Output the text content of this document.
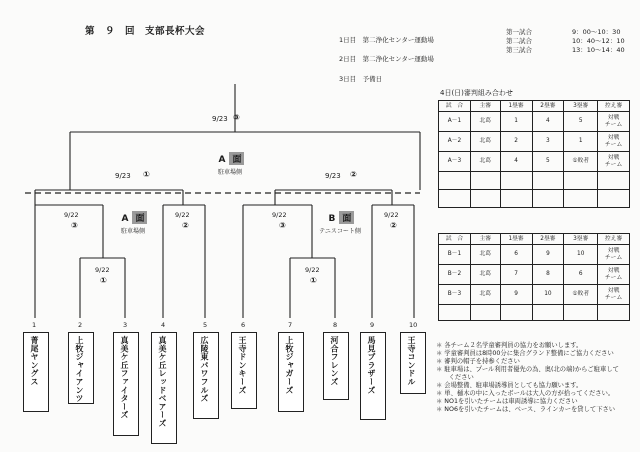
第　９　回　支部長杯大会
1日目　第二浄化センター運動場
2日目　第二浄化センター運動場
3日目　予備日
第一試合	9：00～10：30
第二試合	10：40～12：10
第三試合	13：10～14：40
9/23 ③
A 面
駐車場側
9/23 ①	9/23 ②
9/22
③
9/22
②
9/22
③
9/22
②
A 面
駐車場側
B 面
テニスコート側
9/22
①
9/22
①
1	2	3	4	5	6	7	8	9	10
菁尾ヤングス	上牧ジャイアンツ	真美ケ丘ファイターズ	真美ケ丘レッドベアーズ	広陵東パワフルズ	王寺ドンキーズ	上牧ジャガーズ	河合フレンズ	馬見ブラザーズ	王寺コンドル
4日(日)審判組み合わせ
試　合	主審	1塁審	2塁審	3塁審	控え審
A－1	北葛	1	4	5	対戦
チーム
A－2	北葛	2	3	1	対戦
チーム
A－3	北葛	4	5	①敗者	対戦
チーム

試　合	主審	1塁審	2塁審	3塁審	控え審
B－1	北葛	6	9	10	対戦
チーム
B－2	北葛	7	8	6	対戦
チーム
B－3	北葛	9	10	①敗者	対戦
チーム

＊ 各チーム２名学童審判員の協力をお願いします。
＊ 学童審判員は8時00分に集合グランド整備にご協力ください
＊ 審判の帽子を持参ください
＊ 駐車場は、プール利用者優先の為、奥(北の端)からご駐車して
　　ください
＊ 会場整備、駐車場誘導員としても協力願います。
＊ 単、樋木の中に入ったボールは大人の方が拾ってください。
＊ NO1を引いたチームは車両誘導に協力ください
＊ NO6を引いたチームは、ベース、ラインカーを貸して下さい
